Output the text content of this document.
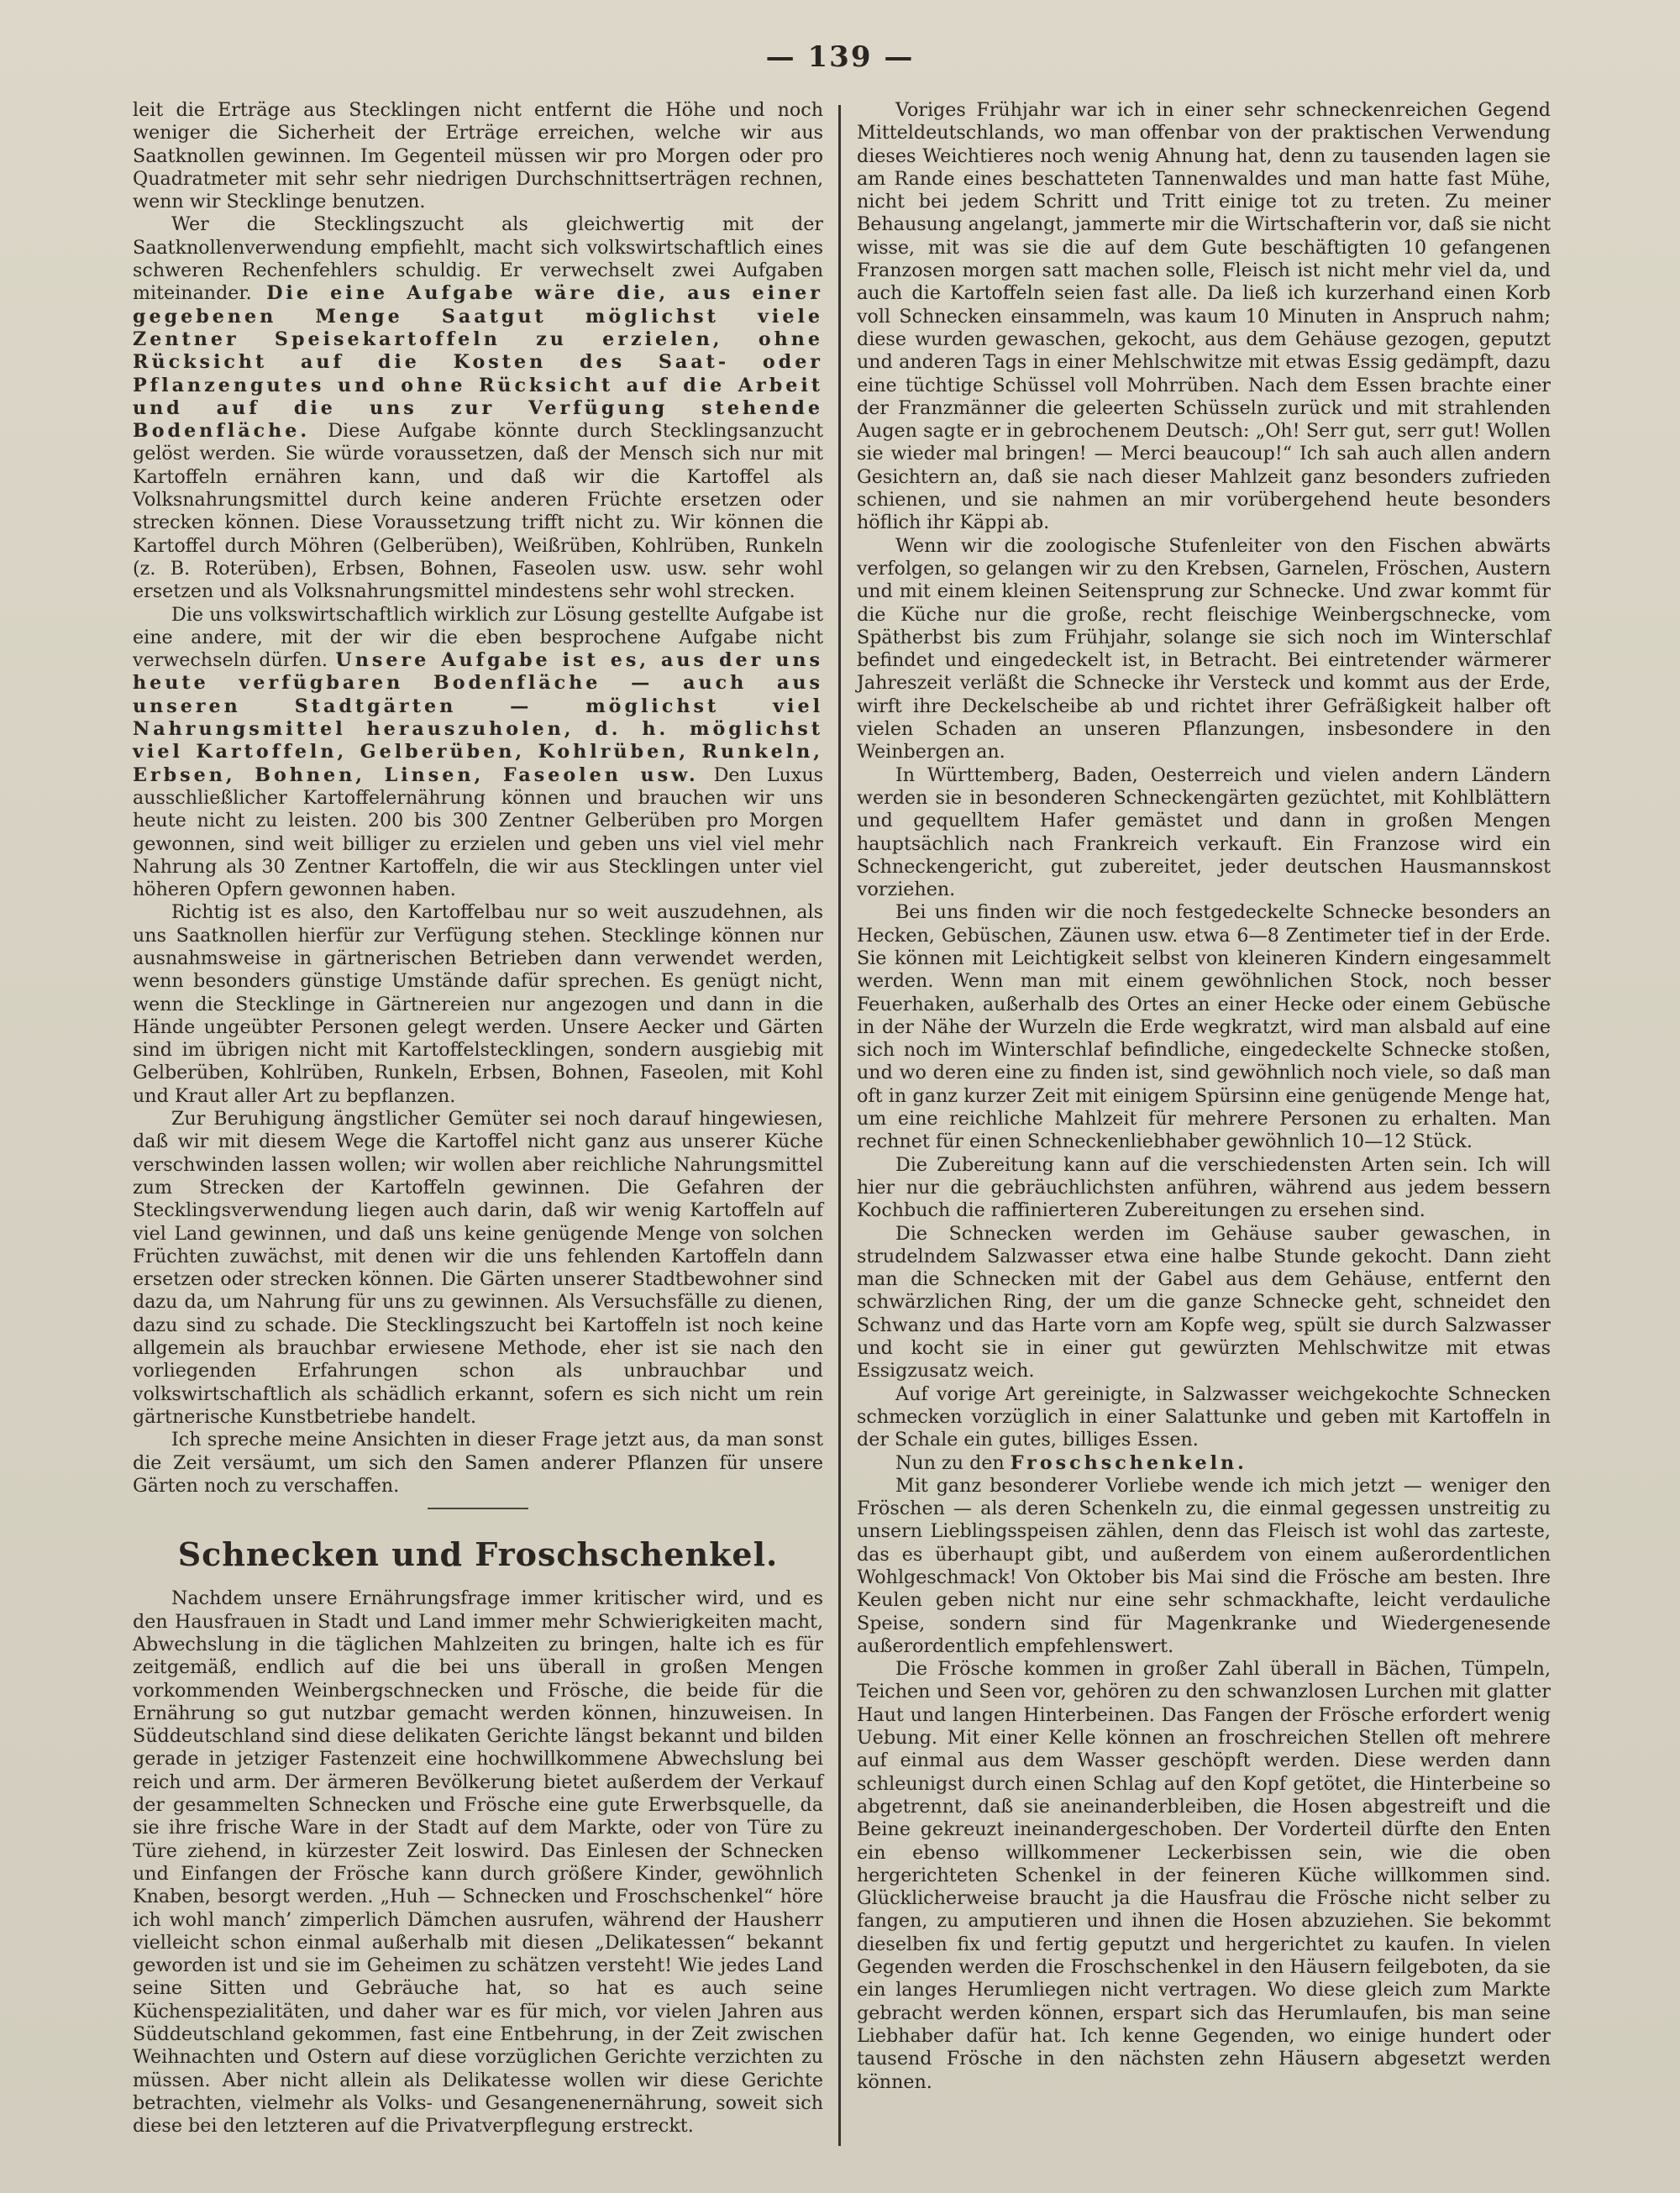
— 139 —

leit die Erträge aus Stecklingen nicht entfernt die Höhe und noch weniger die Sicherheit der Erträge erreichen, welche wir aus Saatknollen gewinnen. Im Gegenteil müssen wir pro Morgen oder pro Quadratmeter mit sehr sehr niedrigen Durchschnittserträgen rechnen, wenn wir Stecklinge benutzen.

Wer die Stecklingszucht als gleichwertig mit der Saatknollenverwendung empfiehlt, macht sich volkswirtschaftlich eines schweren Rechenfehlers schuldig. Er verwechselt zwei Aufgaben miteinander. Die eine Aufgabe wäre die, aus einer gegebenen Menge Saatgut möglichst viele Zentner Speisekartoffeln zu erzielen, ohne Rücksicht auf die Kosten des Saat- oder Pflanzengutes und ohne Rücksicht auf die Arbeit und auf die uns zur Verfügung stehende Bodenfläche. Diese Aufgabe könnte durch Stecklingsanzucht gelöst werden. Sie würde voraussetzen, daß der Mensch sich nur mit Kartoffeln ernähren kann, und daß wir die Kartoffel als Volksnahrungsmittel durch keine anderen Früchte ersetzen oder strecken können. Diese Voraussetzung trifft nicht zu. Wir können die Kartoffel durch Möhren (Gelberüben), Weißrüben, Kohlrüben, Runkeln (z. B. Roterüben), Erbsen, Bohnen, Faseolen usw. usw. sehr wohl ersetzen und als Volksnahrungsmittel mindestens sehr wohl strecken.

Die uns volkswirtschaftlich wirklich zur Lösung gestellte Aufgabe ist eine andere, mit der wir die eben besprochene Aufgabe nicht verwechseln dürfen. Unsere Aufgabe ist es, aus der uns heute verfügbaren Bodenfläche — auch aus unseren Stadtgärten — möglichst viel Nahrungsmittel herauszuholen, d. h. möglichst viel Kartoffeln, Gelberüben, Kohlrüben, Runkeln, Erbsen, Bohnen, Linsen, Faseolen usw. Den Luxus ausschließlicher Kartoffelernährung können und brauchen wir uns heute nicht zu leisten. 200 bis 300 Zentner Gelberüben pro Morgen gewonnen, sind weit billiger zu erzielen und geben uns viel viel mehr Nahrung als 30 Zentner Kartoffeln, die wir aus Stecklingen unter viel höheren Opfern gewonnen haben.

Richtig ist es also, den Kartoffelbau nur so weit auszudehnen, als uns Saatknollen hierfür zur Verfügung stehen. Stecklinge können nur ausnahmsweise in gärtnerischen Betrieben dann verwendet werden, wenn besonders günstige Umstände dafür sprechen. Es genügt nicht, wenn die Stecklinge in Gärtnereien nur angezogen und dann in die Hände ungeübter Personen gelegt werden. Unsere Aecker und Gärten sind im übrigen nicht mit Kartoffelstecklingen, sondern ausgiebig mit Gelberüben, Kohlrüben, Runkeln, Erbsen, Bohnen, Faseolen, mit Kohl und Kraut aller Art zu bepflanzen.

Zur Beruhigung ängstlicher Gemüter sei noch darauf hingewiesen, daß wir mit diesem Wege die Kartoffel nicht ganz aus unserer Küche verschwinden lassen wollen; wir wollen aber reichliche Nahrungsmittel zum Strecken der Kartoffeln gewinnen. Die Gefahren der Stecklingsverwendung liegen auch darin, daß wir wenig Kartoffeln auf viel Land gewinnen, und daß uns keine genügende Menge von solchen Früchten zuwächst, mit denen wir die uns fehlenden Kartoffeln dann ersetzen oder strecken können. Die Gärten unserer Stadtbewohner sind dazu da, um Nahrung für uns zu gewinnen. Als Versuchsfälle zu dienen, dazu sind zu schade. Die Stecklingszucht bei Kartoffeln ist noch keine allgemein als brauchbar erwiesene Methode, eher ist sie nach den vorliegenden Erfahrungen schon als unbrauchbar und volkswirtschaftlich als schädlich erkannt, sofern es sich nicht um rein gärtnerische Kunstbetriebe handelt.

Ich spreche meine Ansichten in dieser Frage jetzt aus, da man sonst die Zeit versäumt, um sich den Samen anderer Pflanzen für unsere Gärten noch zu verschaffen.

Schnecken und Froschschenkel.

Nachdem unsere Ernährungsfrage immer kritischer wird, und es den Hausfrauen in Stadt und Land immer mehr Schwierigkeiten macht, Abwechslung in die täglichen Mahlzeiten zu bringen, halte ich es für zeitgemäß, endlich auf die bei uns überall in großen Mengen vorkommenden Weinbergschnecken und Frösche, die beide für die Ernährung so gut nutzbar gemacht werden können, hinzuweisen. In Süddeutschland sind diese delikaten Gerichte längst bekannt und bilden gerade in jetziger Fastenzeit eine hochwillkommene Abwechslung bei reich und arm. Der ärmeren Bevölkerung bietet außerdem der Verkauf der gesammelten Schnecken und Frösche eine gute Erwerbsquelle, da sie ihre frische Ware in der Stadt auf dem Markte, oder von Türe zu Türe ziehend, in kürzester Zeit loswird. Das Einlesen der Schnecken und Einfangen der Frösche kann durch größere Kinder, gewöhnlich Knaben, besorgt werden. „Huh — Schnecken und Froschschenkel“ höre ich wohl manch’ zimperlich Dämchen ausrufen, während der Hausherr vielleicht schon einmal außerhalb mit diesen „Delikatessen“ bekannt geworden ist und sie im Geheimen zu schätzen versteht! Wie jedes Land seine Sitten und Gebräuche hat, so hat es auch seine Küchenspezialitäten, und daher war es für mich, vor vielen Jahren aus Süddeutschland gekommen, fast eine Entbehrung, in der Zeit zwischen Weihnachten und Ostern auf diese vorzüglichen Gerichte verzichten zu müssen. Aber nicht allein als Delikatesse wollen wir diese Gerichte betrachten, vielmehr als Volks- und Gesangenenernährung, soweit sich diese bei den letzteren auf die Privatverpflegung erstreckt.

Voriges Frühjahr war ich in einer sehr schneckenreichen Gegend Mitteldeutschlands, wo man offenbar von der praktischen Verwendung dieses Weichtieres noch wenig Ahnung hat, denn zu tausenden lagen sie am Rande eines beschatteten Tannenwaldes und man hatte fast Mühe, nicht bei jedem Schritt und Tritt einige tot zu treten. Zu meiner Behausung angelangt, jammerte mir die Wirtschafterin vor, daß sie nicht wisse, mit was sie die auf dem Gute beschäftigten 10 gefangenen Franzosen morgen satt machen solle, Fleisch ist nicht mehr viel da, und auch die Kartoffeln seien fast alle. Da ließ ich kurzerhand einen Korb voll Schnecken einsammeln, was kaum 10 Minuten in Anspruch nahm; diese wurden gewaschen, gekocht, aus dem Gehäuse gezogen, geputzt und anderen Tags in einer Mehlschwitze mit etwas Essig gedämpft, dazu eine tüchtige Schüssel voll Mohrrüben. Nach dem Essen brachte einer der Franzmänner die geleerten Schüsseln zurück und mit strahlenden Augen sagte er in gebrochenem Deutsch: „Oh! Serr gut, serr gut! Wollen sie wieder mal bringen! — Merci beaucoup!“ Ich sah auch allen andern Gesichtern an, daß sie nach dieser Mahlzeit ganz besonders zufrieden schienen, und sie nahmen an mir vorübergehend heute besonders höflich ihr Käppi ab.

Wenn wir die zoologische Stufenleiter von den Fischen abwärts verfolgen, so gelangen wir zu den Krebsen, Garnelen, Fröschen, Austern und mit einem kleinen Seitensprung zur Schnecke. Und zwar kommt für die Küche nur die große, recht fleischige Weinbergschnecke, vom Spätherbst bis zum Frühjahr, solange sie sich noch im Winterschlaf befindet und eingedeckelt ist, in Betracht. Bei eintretender wärmerer Jahreszeit verläßt die Schnecke ihr Versteck und kommt aus der Erde, wirft ihre Deckelscheibe ab und richtet ihrer Gefräßigkeit halber oft vielen Schaden an unseren Pflanzungen, insbesondere in den Weinbergen an.

In Württemberg, Baden, Oesterreich und vielen andern Ländern werden sie in besonderen Schneckengärten gezüchtet, mit Kohlblättern und gequelltem Hafer gemästet und dann in großen Mengen hauptsächlich nach Frankreich verkauft. Ein Franzose wird ein Schneckengericht, gut zubereitet, jeder deutschen Hausmannskost vorziehen.

Bei uns finden wir die noch festgedeckelte Schnecke besonders an Hecken, Gebüschen, Zäunen usw. etwa 6—8 Zentimeter tief in der Erde. Sie können mit Leichtigkeit selbst von kleineren Kindern eingesammelt werden. Wenn man mit einem gewöhnlichen Stock, noch besser Feuerhaken, außerhalb des Ortes an einer Hecke oder einem Gebüsche in der Nähe der Wurzeln die Erde wegkratzt, wird man alsbald auf eine sich noch im Winterschlaf befindliche, eingedeckelte Schnecke stoßen, und wo deren eine zu finden ist, sind gewöhnlich noch viele, so daß man oft in ganz kurzer Zeit mit einigem Spürsinn eine genügende Menge hat, um eine reichliche Mahlzeit für mehrere Personen zu erhalten. Man rechnet für einen Schneckenliebhaber gewöhnlich 10—12 Stück.

Die Zubereitung kann auf die verschiedensten Arten sein. Ich will hier nur die gebräuchlichsten anführen, während aus jedem bessern Kochbuch die raffinierteren Zubereitungen zu ersehen sind.

Die Schnecken werden im Gehäuse sauber gewaschen, in strudelndem Salzwasser etwa eine halbe Stunde gekocht. Dann zieht man die Schnecken mit der Gabel aus dem Gehäuse, entfernt den schwärzlichen Ring, der um die ganze Schnecke geht, schneidet den Schwanz und das Harte vorn am Kopfe weg, spült sie durch Salzwasser und kocht sie in einer gut gewürzten Mehlschwitze mit etwas Essigzusatz weich.

Auf vorige Art gereinigte, in Salzwasser weichgekochte Schnecken schmecken vorzüglich in einer Salattunke und geben mit Kartoffeln in der Schale ein gutes, billiges Essen.

Nun zu den Froschschenkeln.

Mit ganz besonderer Vorliebe wende ich mich jetzt — weniger den Fröschen — als deren Schenkeln zu, die einmal gegessen unstreitig zu unsern Lieblingsspeisen zählen, denn das Fleisch ist wohl das zarteste, das es überhaupt gibt, und außerdem von einem außerordentlichen Wohlgeschmack! Von Oktober bis Mai sind die Frösche am besten. Ihre Keulen geben nicht nur eine sehr schmackhafte, leicht verdauliche Speise, sondern sind für Magenkranke und Wiedergenesende außerordentlich empfehlenswert.

Die Frösche kommen in großer Zahl überall in Bächen, Tümpeln, Teichen und Seen vor, gehören zu den schwanzlosen Lurchen mit glatter Haut und langen Hinterbeinen. Das Fangen der Frösche erfordert wenig Uebung. Mit einer Kelle können an froschreichen Stellen oft mehrere auf einmal aus dem Wasser geschöpft werden. Diese werden dann schleunigst durch einen Schlag auf den Kopf getötet, die Hinterbeine so abgetrennt, daß sie aneinanderbleiben, die Hosen abgestreift und die Beine gekreuzt ineinandergeschoben. Der Vorderteil dürfte den Enten ein ebenso willkommener Leckerbissen sein, wie die oben hergerichteten Schenkel in der feineren Küche willkommen sind. Glücklicherweise braucht ja die Hausfrau die Frösche nicht selber zu fangen, zu amputieren und ihnen die Hosen abzuziehen. Sie bekommt dieselben fix und fertig geputzt und hergerichtet zu kaufen. In vielen Gegenden werden die Froschschenkel in den Häusern feilgeboten, da sie ein langes Herumliegen nicht vertragen. Wo diese gleich zum Markte gebracht werden können, erspart sich das Herumlaufen, bis man seine Liebhaber dafür hat. Ich kenne Gegenden, wo einige hundert oder tausend Frösche in den nächsten zehn Häusern abgesetzt werden können.
